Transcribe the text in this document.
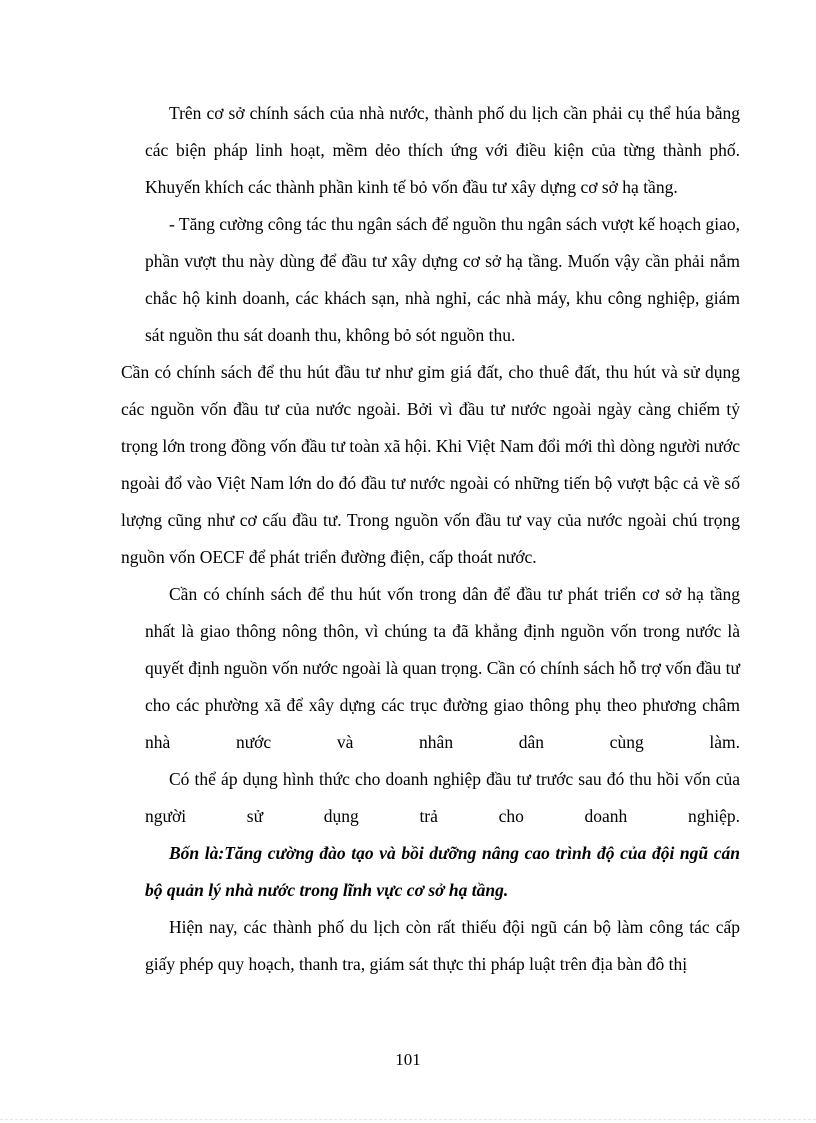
Trên cơ sở chính sách của nhà nước, thành phố du lịch cần phải cụ thể húa bằng các biện pháp linh hoạt, mềm dẻo thích ứng với điều kiện của từng thành phố. Khuyến khích các thành phần kinh tế bỏ vốn đầu tư xây dựng cơ sở hạ tầng.

- Tăng cường công tác thu ngân sách để nguồn thu ngân sách vượt kế hoạch giao, phần vượt thu này dùng để đầu tư xây dựng cơ sở hạ tầng. Muốn vậy cần phải nắm chắc hộ kinh doanh, các khách sạn, nhà nghỉ, các nhà máy, khu công nghiệp, giám sát nguồn thu sát doanh thu, không bỏ sót nguồn thu.

Cần có chính sách để thu hút đầu tư như gỉm giá đất, cho thuê đất, thu hút và sử dụng các nguồn vốn đầu tư của nước ngoài. Bởi vì đầu tư nước ngoài ngày càng chiếm tỷ trọng lớn trong đồng vốn đầu tư toàn xã hội. Khi Việt Nam đổi mới thì dòng người nước ngoài đổ vào Việt Nam lớn do đó đầu tư nước ngoài có những tiến bộ vượt bậc cả về số lượng cũng như cơ cấu đầu tư. Trong nguồn vốn đầu tư vay của nước ngoài chú trọng nguồn vốn OECF để phát triển đường điện, cấp thoát nước.

Cần có chính sách để thu hút vốn trong dân để đầu tư phát triển cơ sở hạ tầng nhất là giao thông nông thôn, vì chúng ta đã khẳng định nguồn vốn trong nước là quyết định nguồn vốn nước ngoài là quan trọng. Cần có chính sách hỗ trợ vốn đầu tư cho các phường xã để xây dựng các trục đường giao thông phụ theo phương châm nhà nước và nhân dân cùng làm.

Có thể áp dụng hình thức cho doanh nghiệp đầu tư trước sau đó thu hồi vốn của người sử dụng trả cho doanh nghiệp.

Bốn là:Tăng cường đào tạo và bồi dưỡng nâng cao trình độ của đội ngũ cán bộ quản lý nhà nước trong lĩnh vực cơ sở hạ tầng.

Hiện nay, các thành phố du lịch còn rất thiếu đội ngũ cán bộ làm công tác cấp giấy phép quy hoạch, thanh tra, giám sát thực thi pháp luật trên địa bàn đô thị

101
